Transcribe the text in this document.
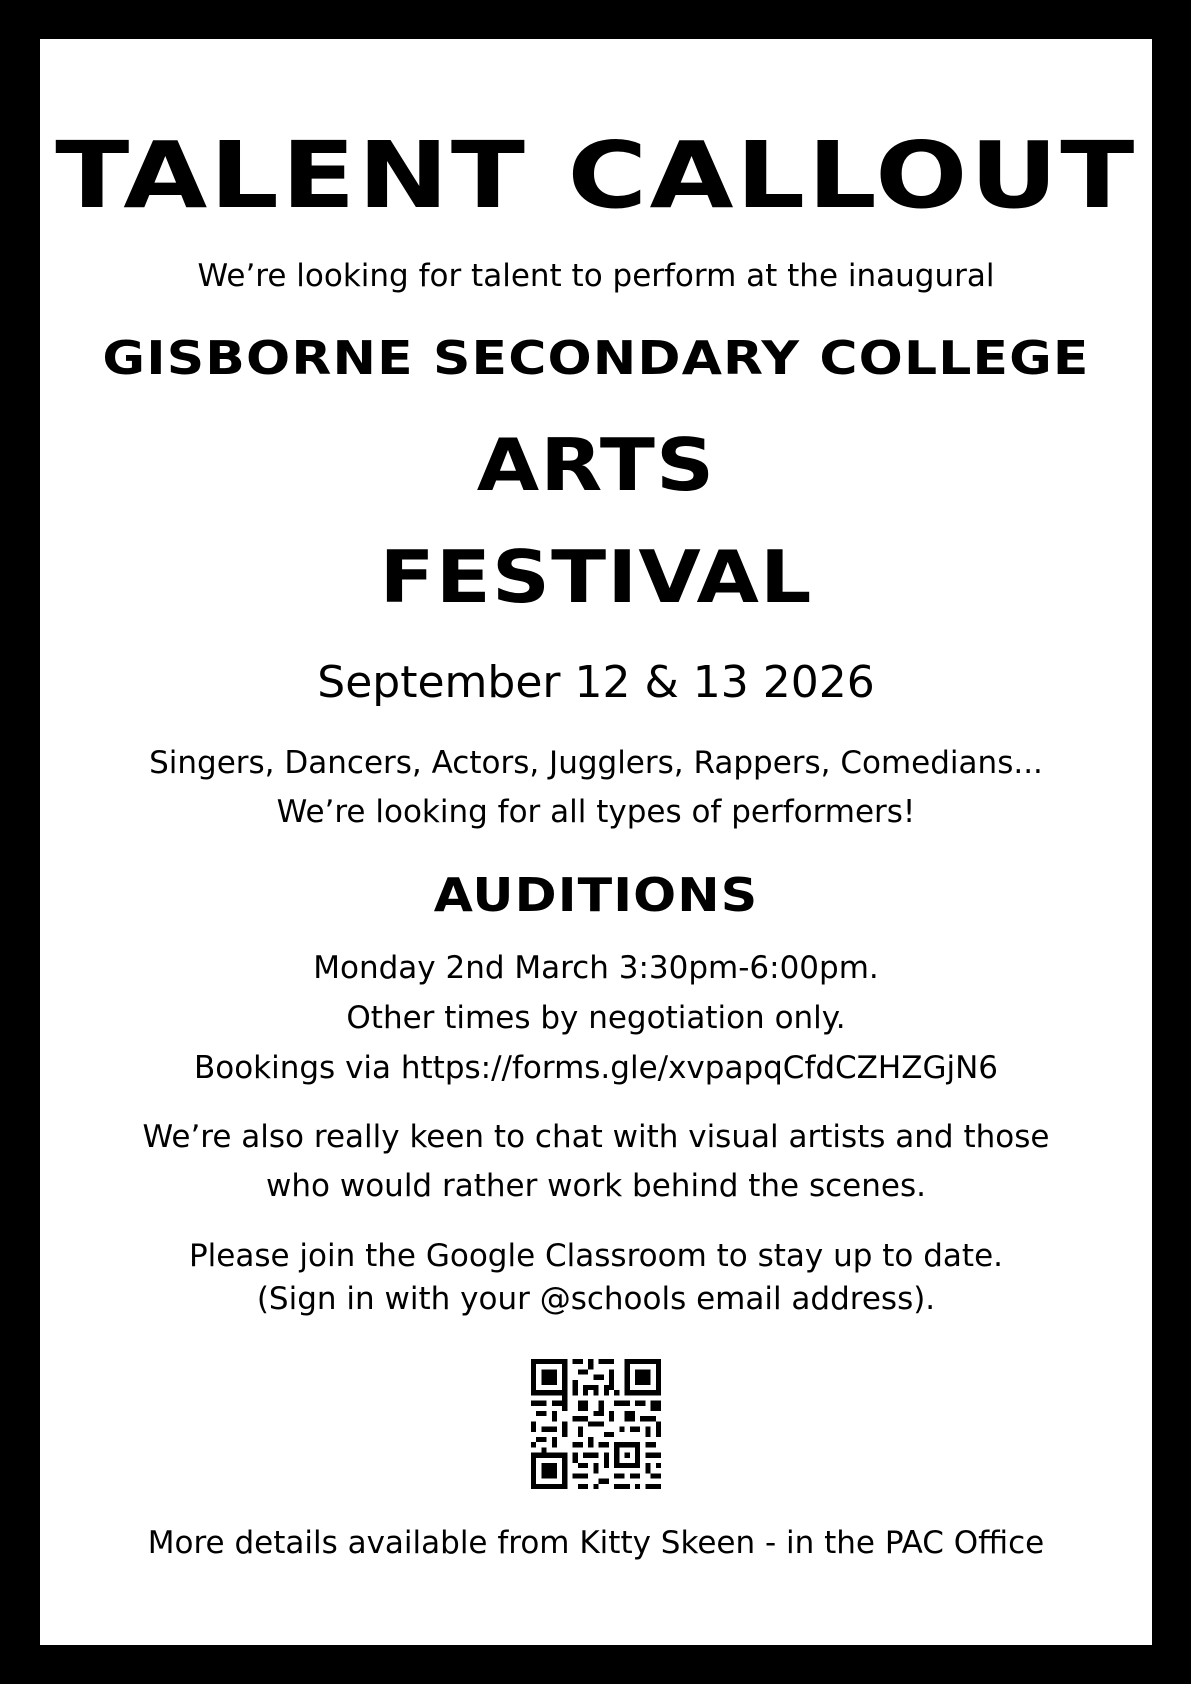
TALENT CALLOUT
We’re looking for talent to perform at the inaugural
GISBORNE SECONDARY COLLEGE
ARTS
FESTIVAL
September 12 & 13 2026
Singers, Dancers, Actors, Jugglers, Rappers, Comedians...
We’re looking for all types of performers!
AUDITIONS
Monday 2nd March 3:30pm-6:00pm.
Other times by negotiation only.
Bookings via https://forms.gle/xvpapqCfdCZHZGjN6
We’re also really keen to chat with visual artists and those
who would rather work behind the scenes.
Please join the Google Classroom to stay up to date.
(Sign in with your @schools email address).
More details available from Kitty Skeen - in the PAC Office
